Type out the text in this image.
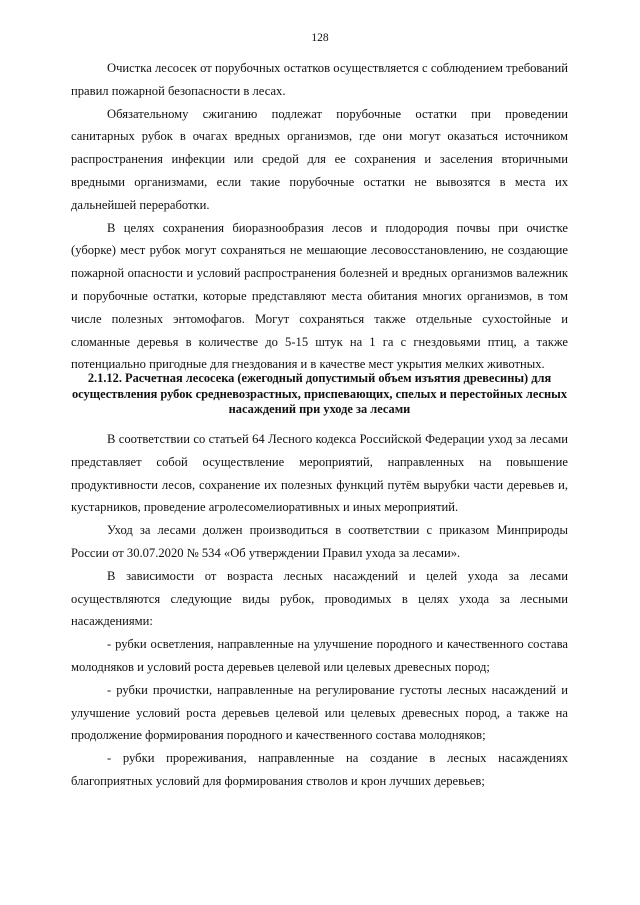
128

Очистка лесосек от порубочных остатков осуществляется с соблюдением требований правил пожарной безопасности в лесах.

Обязательному сжиганию подлежат порубочные остатки при проведении санитарных рубок в очагах вредных организмов, где они могут оказаться источником распространения инфекции или средой для ее сохранения и заселения вторичными вредными организмами, если такие порубочные остатки не вывозятся в места их дальнейшей переработки.

В целях сохранения биоразнообразия лесов и плодородия почвы при очистке (уборке) мест рубок могут сохраняться не мешающие лесовосстановлению, не создающие пожарной опасности и условий распространения болезней и вредных организмов валежник и порубочные остатки, которые представляют места обитания многих организмов, в том числе полезных энтомофагов. Могут сохраняться также отдельные сухостойные и сломанные деревья в количестве до 5-15 штук на 1 га с гнездовьями птиц, а также потенциально пригодные для гнездования и в качестве мест укрытия мелких животных.

2.1.12. Расчетная лесосека (ежегодный допустимый объем изъятия древесины) для осуществления рубок средневозрастных, приспевающих, спелых и перестойных лесных насаждений при уходе за лесами

В соответствии со статьей 64 Лесного кодекса Российской Федерации уход за лесами представляет собой осуществление мероприятий, направленных на повышение продуктивности лесов, сохранение их полезных функций путём вырубки части деревьев и, кустарников, проведение агролесомелиоративных и иных мероприятий.

Уход за лесами должен производиться в соответствии с приказом Минприроды России от 30.07.2020 № 534 «Об утверждении Правил ухода за лесами».

В зависимости от возраста лесных насаждений и целей ухода за лесами осуществляются следующие виды рубок, проводимых в целях ухода за лесными насаждениями:

- рубки осветления, направленные на улучшение породного и качественного состава молодняков и условий роста деревьев целевой или целевых древесных пород;

- рубки прочистки, направленные на регулирование густоты лесных насаждений и улучшение условий роста деревьев целевой или целевых древесных пород, а также на продолжение формирования породного и качественного состава молодняков;

- рубки прореживания, направленные на создание в лесных насаждениях благоприятных условий для формирования стволов и крон лучших деревьев;
